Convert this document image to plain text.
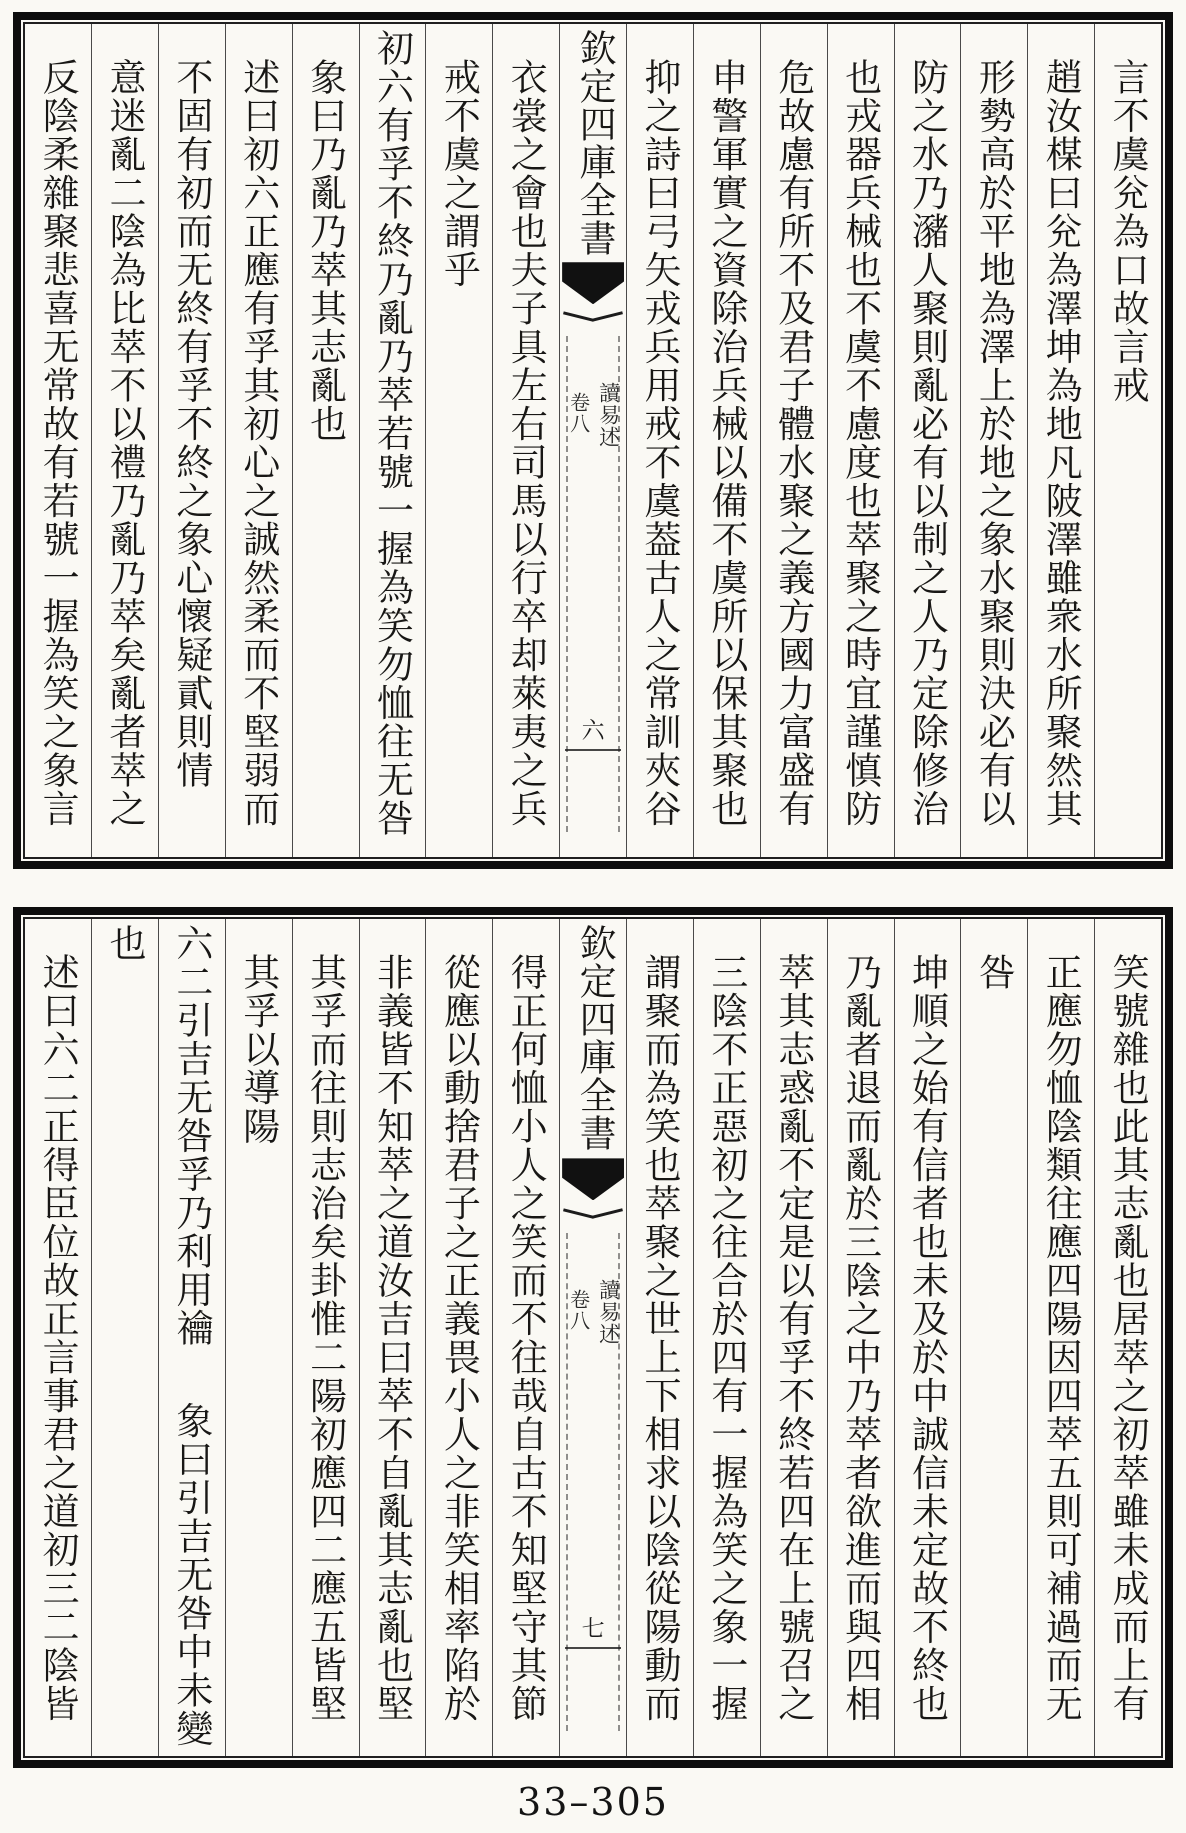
言不虞兊為口故言戒
趙汝楳曰兊為澤坤為地凡陂澤雖衆水所聚然其
形勢高於平地為澤上於地之象水聚則決必有以
防之水乃瀦人聚則亂必有以制之人乃定除修治
也戎器兵械也不虞不慮度也萃聚之時宜謹慎防
危故慮有所不及君子體水聚之義方國力富盛有
申警軍實之資除治兵械以備不虞所以保其聚也
抑之詩曰弓矢戎兵用戒不虞葢古人之常訓夾谷
欽定四庫全書
讀易述
卷八
六
衣裳之會也夫子具左右司馬以行卒却萊夷之兵
戒不虞之謂乎
初六有孚不終乃亂乃萃若號一握為笑勿恤往无咎
象曰乃亂乃萃其志亂也
述曰初六正應有孚其初心之誠然柔而不堅弱而
不固有初而无終有孚不終之象心懷疑貳則情
意迷亂二陰為比萃不以禮乃亂乃萃矣亂者萃之
反陰柔雜聚悲喜无常故有若號一握為笑之象言
笑號雜也此其志亂也居萃之初萃雖未成而上有
正應勿恤陰類往應四陽因四萃五則可補過而无
咎
坤順之始有信者也未及於中誠信未定故不終也
乃亂者退而亂於三陰之中乃萃者欲進而與四相
萃其志惑亂不定是以有孚不終若四在上號召之
三陰不正惡初之往合於四有一握為笑之象一握
謂聚而為笑也萃聚之世上下相求以陰從陽動而
欽定四庫全書
讀易述
卷八
七
得正何恤小人之笑而不往哉自古不知堅守其節
從應以動捨君子之正義畏小人之非笑相率陷於
非義皆不知萃之道汝吉曰萃不自亂其志亂也堅
其孚而往則志治矣卦惟二陽初應四二應五皆堅
其孚以導陽
六二引吉无咎孚乃利用禴象曰引吉无咎中未變
也
述曰六二正得臣位故正言事君之道初三二陰皆
33–305
